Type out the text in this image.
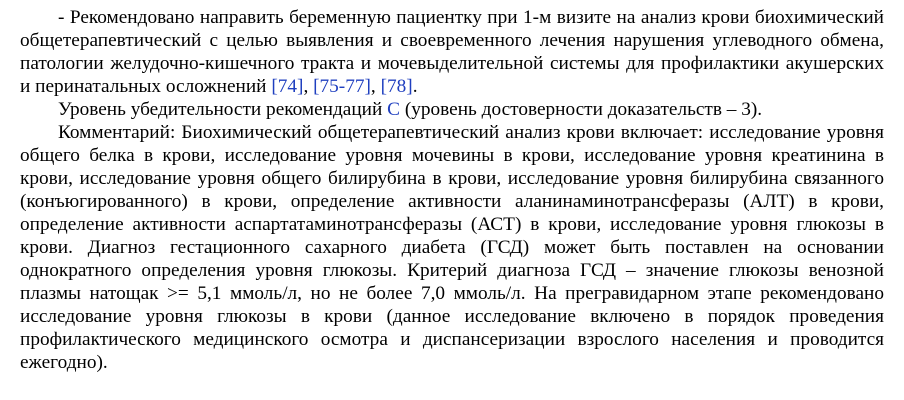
- Рекомендовано направить беременную пациентку при 1-м визите на анализ крови биохимический общетерапевтический с целью выявления и своевременного лечения нарушения углеводного обмена, патологии желудочно-кишечного тракта и мочевыделительной системы для профилактики акушерских и перинатальных осложнений [74], [75-77], [78].

Уровень убедительности рекомендаций C (уровень достоверности доказательств – 3).

Комментарий: Биохимический общетерапевтический анализ крови включает: исследование уровня общего белка в крови, исследование уровня мочевины в крови, исследование уровня креатинина в крови, исследование уровня общего билирубина в крови, исследование уровня билирубина связанного (конъюгированного) в крови, определение активности аланинаминотрансферазы (АЛТ) в крови, определение активности аспартатаминотрансферазы (АСТ) в крови, исследование уровня глюкозы в крови. Диагноз гестационного сахарного диабета (ГСД) может быть поставлен на основании однократного определения уровня глюкозы. Критерий диагноза ГСД – значение глюкозы венозной плазмы натощак >= 5,1 ммоль/л, но не более 7,0 ммоль/л. На прегравидарном этапе рекомендовано исследование уровня глюкозы в крови (данное исследование включено в порядок проведения профилактического медицинского осмотра и диспансеризации взрослого населения и проводится ежегодно).
